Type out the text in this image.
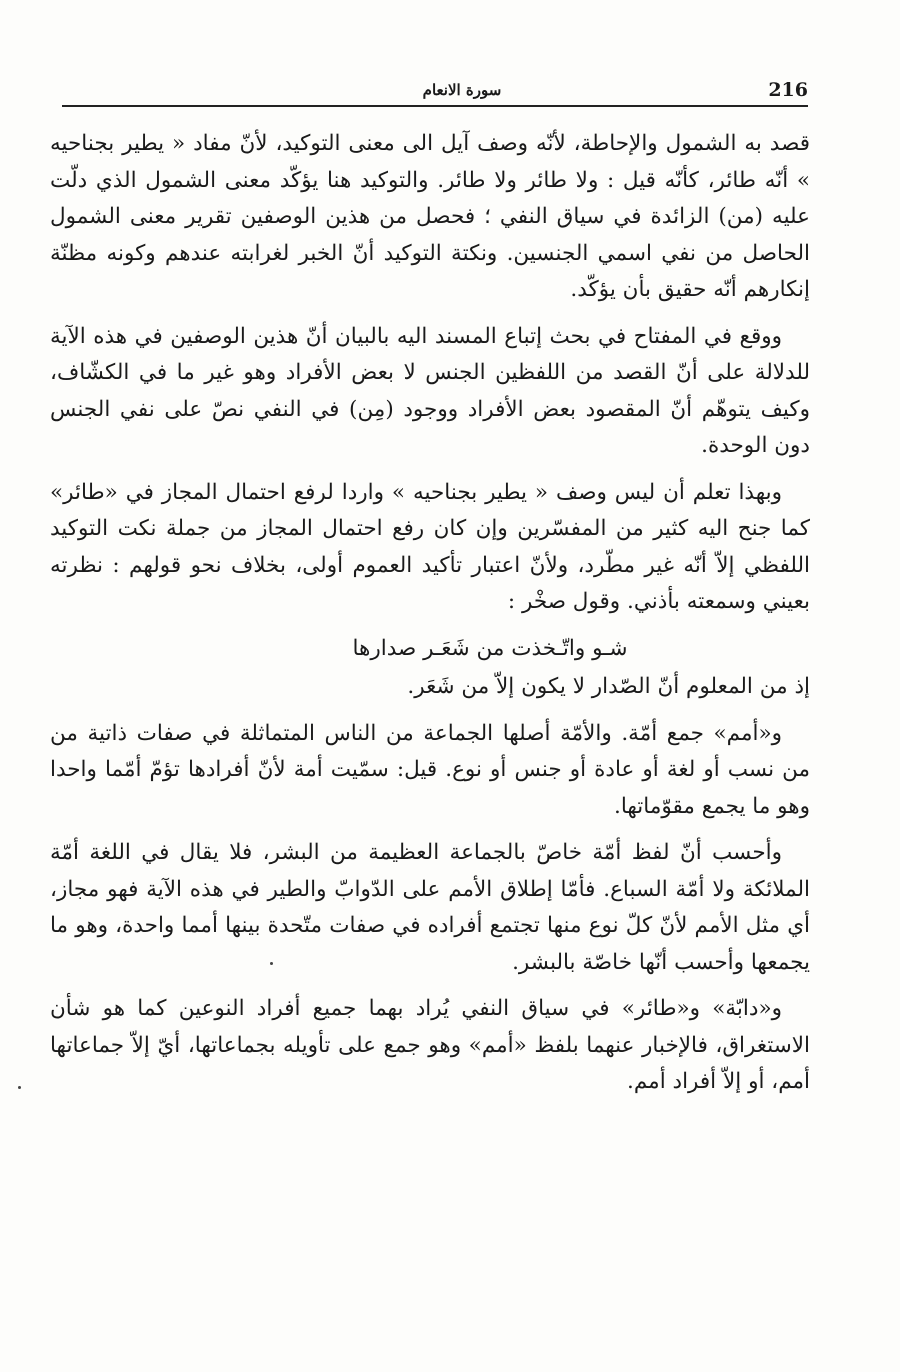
216
سورة الانعام

قصد به الشمول والإحاطة، لأنّه وصف آيل الى معنى التوكيد، لأنّ مفاد « يطير بجناحيه » أنّه طائر، كأنّه قيل : ولا طائر ولا طائر. والتوكيد هنا يؤكّد معنى الشمول الذي دلّت عليه (من) الزائدة في سياق النفي ؛ فحصل من هذين الوصفين تقرير معنى الشمول الحاصل من نفي اسمي الجنسين. ونكتة التوكيد أنّ الخبر لغرابته عندهم وكونه مظنّة إنكارهم أنّه حقيق بأن يؤكّد.

ووقع في المفتاح في بحث إتباع المسند اليه بالبيان أنّ هذين الوصفين في هذه الآية للدلالة على أنّ القصد من اللفظين الجنس لا بعض الأفراد وهو غير ما في الكشّاف، وكيف يتوهّم أنّ المقصود بعض الأفراد ووجود (مِن) في النفي نصّ على نفي الجنس دون الوحدة.

وبهذا تعلم أن ليس وصف « يطير بجناحيه » واردا لرفع احتمال المجاز في «طائر» كما جنح اليه كثير من المفسّرين وإن كان رفع احتمال المجاز من جملة نكت التوكيد اللفظي إلاّ أنّه غير مطّرد، ولأنّ اعتبار تأكيد العموم أولى، بخلاف نحو قولهم : نظرته بعيني وسمعته بأذني. وقول صخْر :

شـو واتّـخذت من شَعَـر صدارها

إذ من المعلوم أنّ الصّدار لا يكون إلاّ من شَعَر.

و«أمم» جمع أمّة. والأمّة أصلها الجماعة من الناس المتماثلة في صفات ذاتية من من نسب أو لغة أو عادة أو جنس أو نوع. قيل: سمّيت أمة لأنّ أفرادها تؤمّ أمّما واحدا وهو ما يجمع مقوّماتها.

وأحسب أنّ لفظ أمّة خاصّ بالجماعة العظيمة من البشر، فلا يقال في اللغة أمّة الملائكة ولا أمّة السباع. فأمّا إطلاق الأمم على الدّوابّ والطير في هذه الآية فهو مجاز، أي مثل الأمم لأنّ كلّ نوع منها تجتمع أفراده في صفات متّحدة بينها أمما واحدة، وهو ما يجمعها وأحسب أنّها خاصّة بالبشر.

و«دابّة» و«طائر» في سياق النفي يُراد بهما جميع أفراد النوعين كما هو شأن الاستغراق، فالإخبار عنهما بلفظ «أمم» وهو جمع على تأويله بجماعاتها، أيّ إلاّ جماعاتها أمم، أو إلاّ أفراد أمم.
